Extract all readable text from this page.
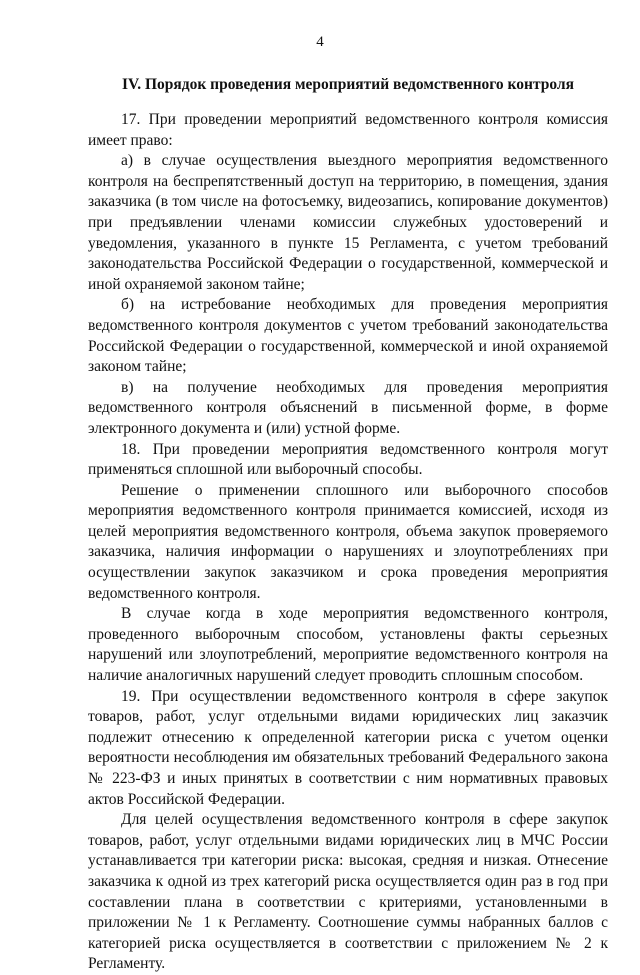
4
IV. Порядок проведения мероприятий ведомственного контроля

17. При проведении мероприятий ведомственного контроля комиссия имеет право:

а) в случае осуществления выездного мероприятия ведомственного контроля на беспрепятственный доступ на территорию, в помещения, здания заказчика (в том числе на фотосъемку, видеозапись, копирование документов) при предъявлении членами комиссии служебных удостоверений и уведомления, указанного в пункте 15 Регламента, с учетом требований законодательства Российской Федерации о государственной, коммерческой и иной охраняемой законом тайне;

б) на истребование необходимых для проведения мероприятия ведомственного контроля документов с учетом требований законодательства Российской Федерации о государственной, коммерческой и иной охраняемой законом тайне;

в) на получение необходимых для проведения мероприятия ведомственного контроля объяснений в письменной форме, в форме электронного документа и (или) устной форме.

18. При проведении мероприятия ведомственного контроля могут применяться сплошной или выборочный способы.

Решение о применении сплошного или выборочного способов мероприятия ведомственного контроля принимается комиссией, исходя из целей мероприятия ведомственного контроля, объема закупок проверяемого заказчика, наличия информации о нарушениях и злоупотреблениях при осуществлении закупок заказчиком и срока проведения мероприятия ведомственного контроля.

В случае когда в ходе мероприятия ведомственного контроля, проведенного выборочным способом, установлены факты серьезных нарушений или злоупотреблений, мероприятие ведомственного контроля на наличие аналогичных нарушений следует проводить сплошным способом.

19. При осуществлении ведомственного контроля в сфере закупок товаров, работ, услуг отдельными видами юридических лиц заказчик подлежит отнесению к определенной категории риска с учетом оценки вероятности несоблюдения им обязательных требований Федерального закона № 223-ФЗ и иных принятых в соответствии с ним нормативных правовых актов Российской Федерации.

Для целей осуществления ведомственного контроля в сфере закупок товаров, работ, услуг отдельными видами юридических лиц в МЧС России устанавливается три категории риска: высокая, средняя и низкая. Отнесение заказчика к одной из трех категорий риска осуществляется один раз в год при составлении плана в соответствии с критериями, установленными в приложении № 1 к Регламенту. Соотношение суммы набранных баллов с категорией риска осуществляется в соответствии с приложением № 2 к Регламенту.
